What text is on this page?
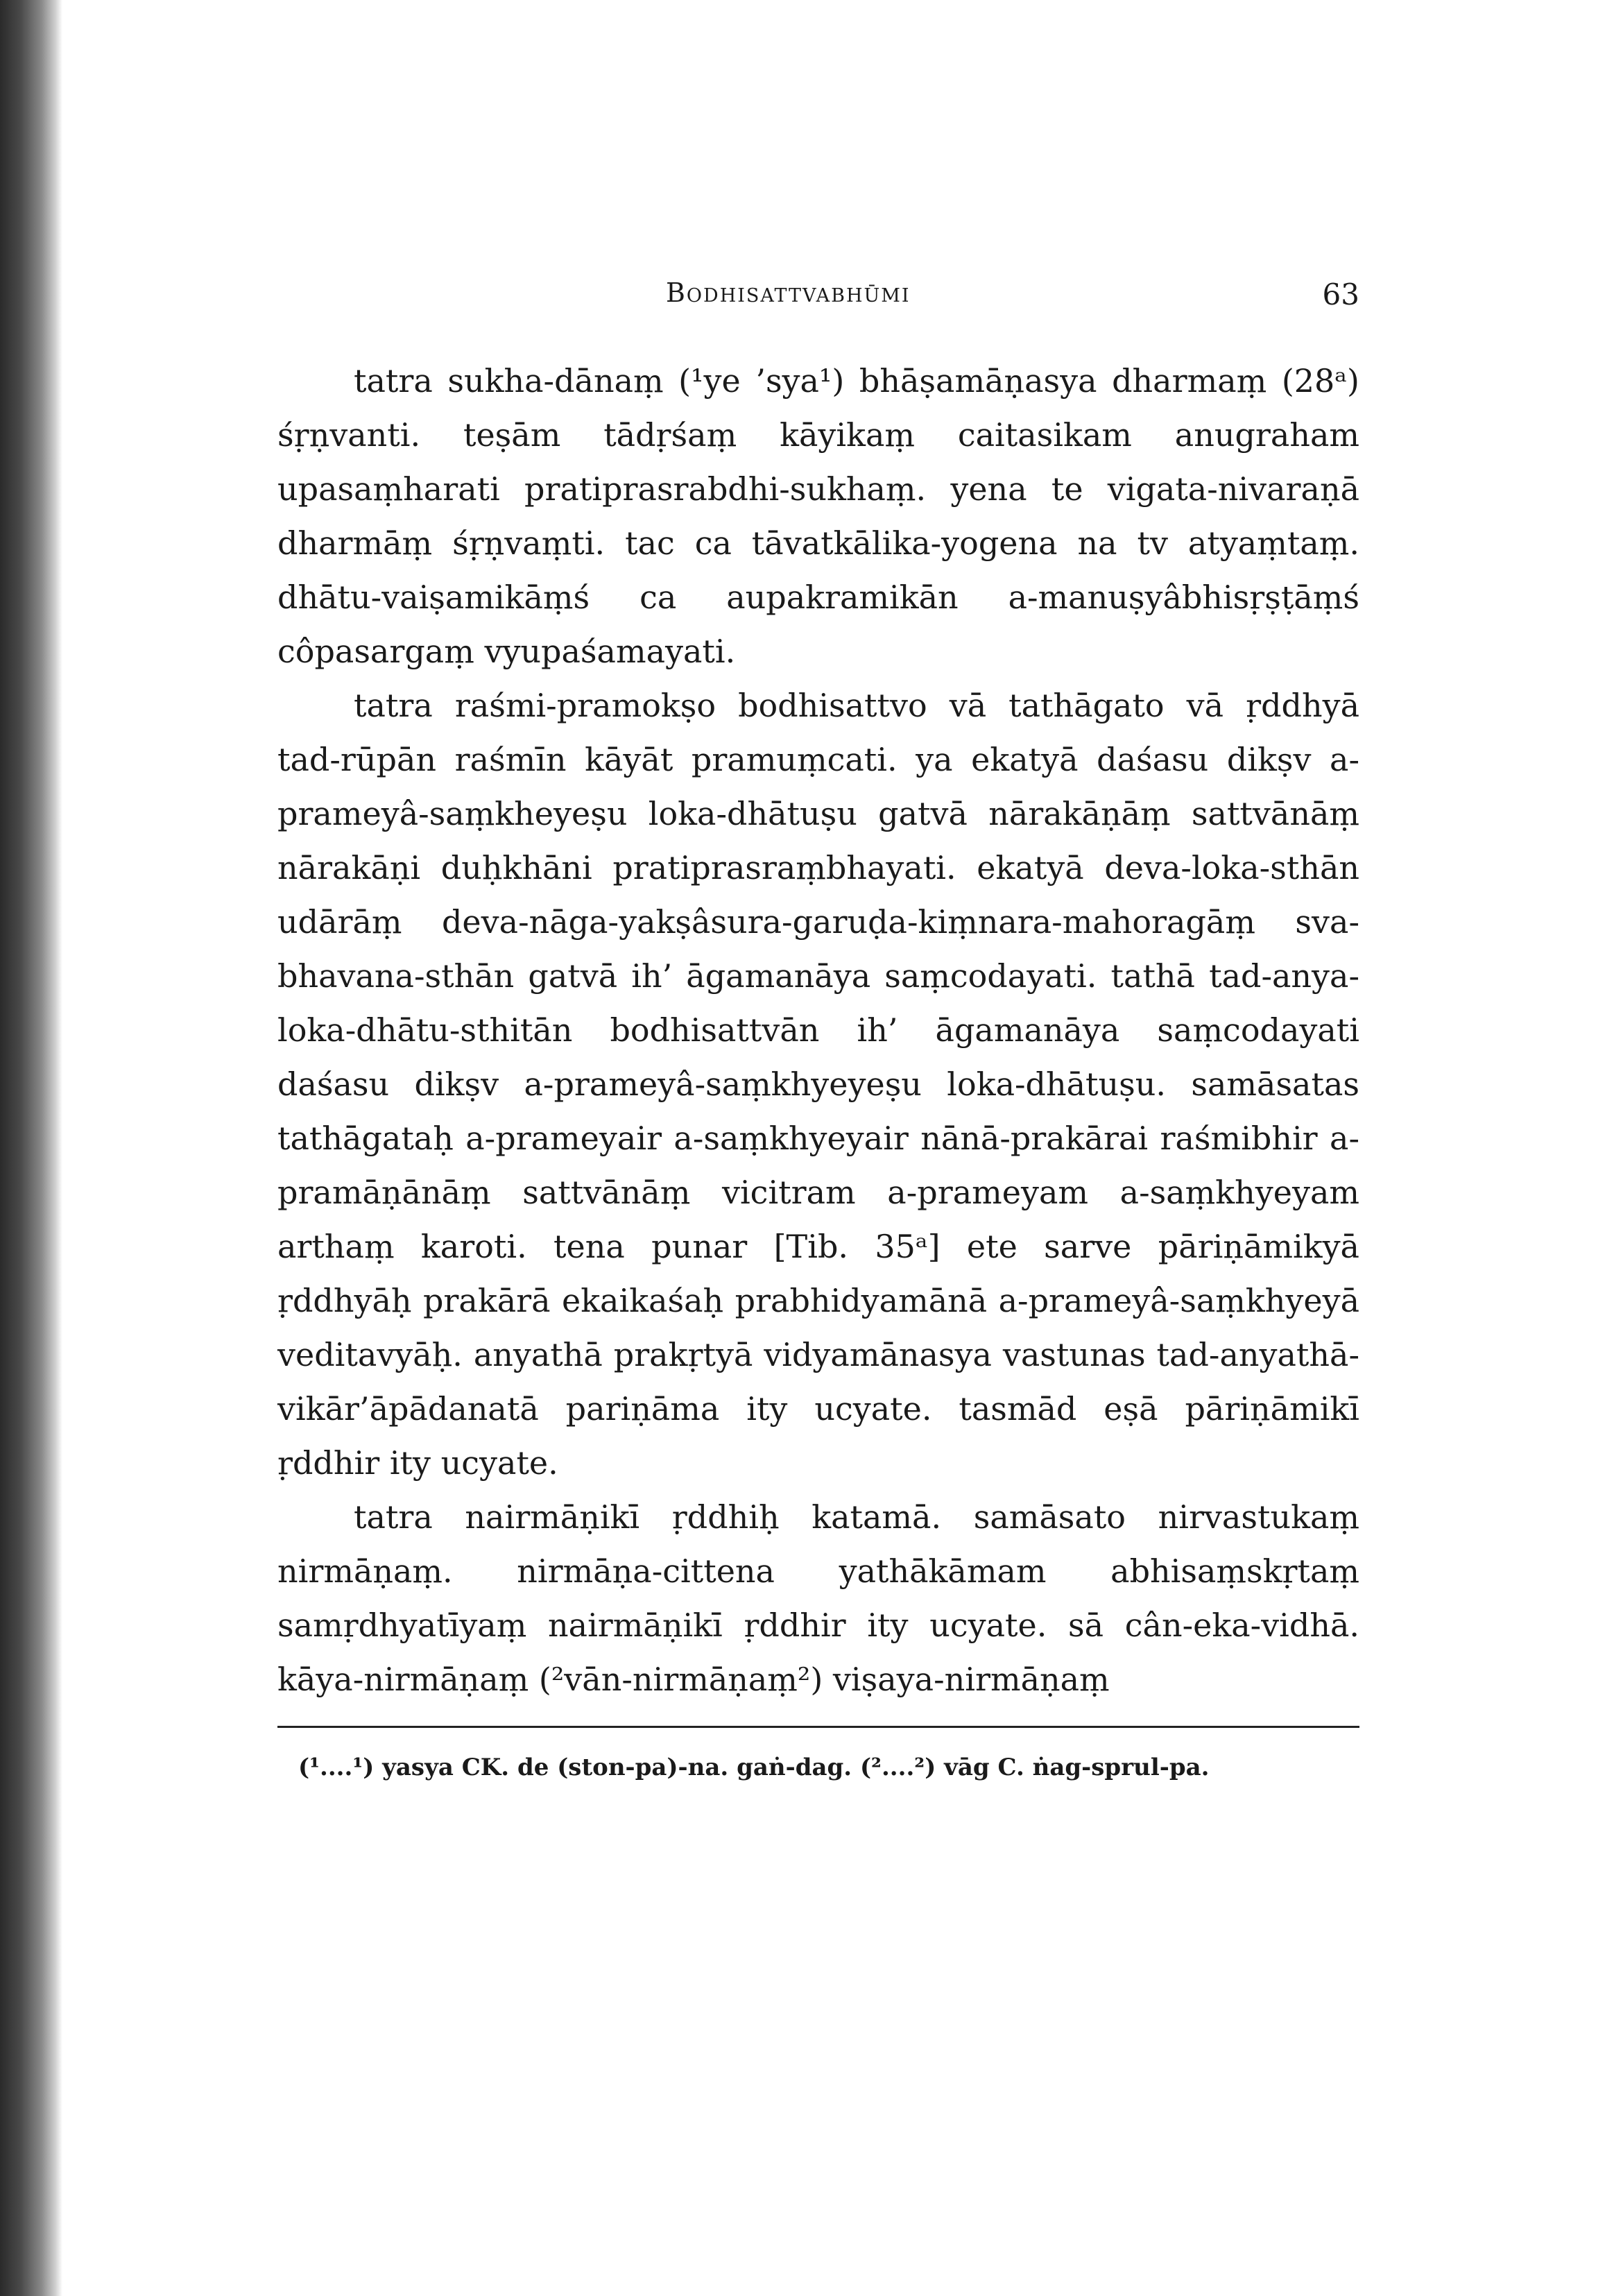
Bodhisattvabhūmi	63

tatra sukha-dānaṃ (¹ye ’sya¹) bhāṣamāṇasya dharmaṃ (28ᵃ) śṛṇvanti. teṣām tādṛśaṃ kāyikaṃ caitasikam anugraham upasaṃharati pratiprasrabdhi-sukhaṃ. yena te vigata-nivaraṇā dharmāṃ śṛṇvaṃti. tac ca tāvatkālika-yogena na tv atyaṃtaṃ. dhātu-vaiṣamikāṃś ca aupakramikān a-manuṣyâbhisṛṣṭāṃś côpasargaṃ vyupaśamayati.

tatra raśmi-pramokṣo bodhisattvo vā tathāgato vā ṛddhyā tad-rūpān raśmīn kāyāt pramuṃcati. ya ekatyā daśasu dikṣv a-prameyâ-saṃkheyeṣu loka-dhātuṣu gatvā nārakāṇāṃ sattvānāṃ nārakāṇi duḥkhāni pratiprasraṃbhayati. ekatyā deva-loka-sthān udārāṃ deva-nāga-yakṣâsura-garuḍa-kiṃnara-mahoragāṃ sva-bhavana-sthān gatvā ih’ āgamanāya saṃcodayati. tathā tad-anya-loka-dhātu-sthitān bodhisattvān ih’ āgamanāya saṃcodayati daśasu dikṣv a-prameyâ-saṃkhyeyeṣu loka-dhātuṣu. samāsatas tathāgataḥ a-prameyair a-saṃkhyeyair nānā-prakārai raśmibhir a-pramāṇānāṃ sattvānāṃ vicitram a-prameyam a-saṃkhyeyam arthaṃ karoti. tena punar [Tib. 35ᵃ] ete sarve pāriṇāmikyā ṛddhyāḥ prakārā ekaikaśaḥ prabhidyamānā a-prameyâ-saṃkhyeyā veditavyāḥ. anyathā prakṛtyā vidyamānasya vastunas tad-anyathā-vikār’āpādanatā pariṇāma ity ucyate. tasmād eṣā pāriṇāmikī ṛddhir ity ucyate.

tatra nairmāṇikī ṛddhiḥ katamā. samāsato nirvastukaṃ nirmāṇaṃ. nirmāṇa-cittena yathākāmam abhisaṃskṛtaṃ samṛdhyatīyaṃ nairmāṇikī ṛddhir ity ucyate. sā cân-eka-vidhā. kāya-nirmāṇaṃ (²vān-nirmāṇaṃ²) viṣaya-nirmāṇaṃ

(¹....¹) yasya CK. de (ston-pa)-na. gaṅ-dag. (²....²) vāg C. ṅag-sprul-pa.
